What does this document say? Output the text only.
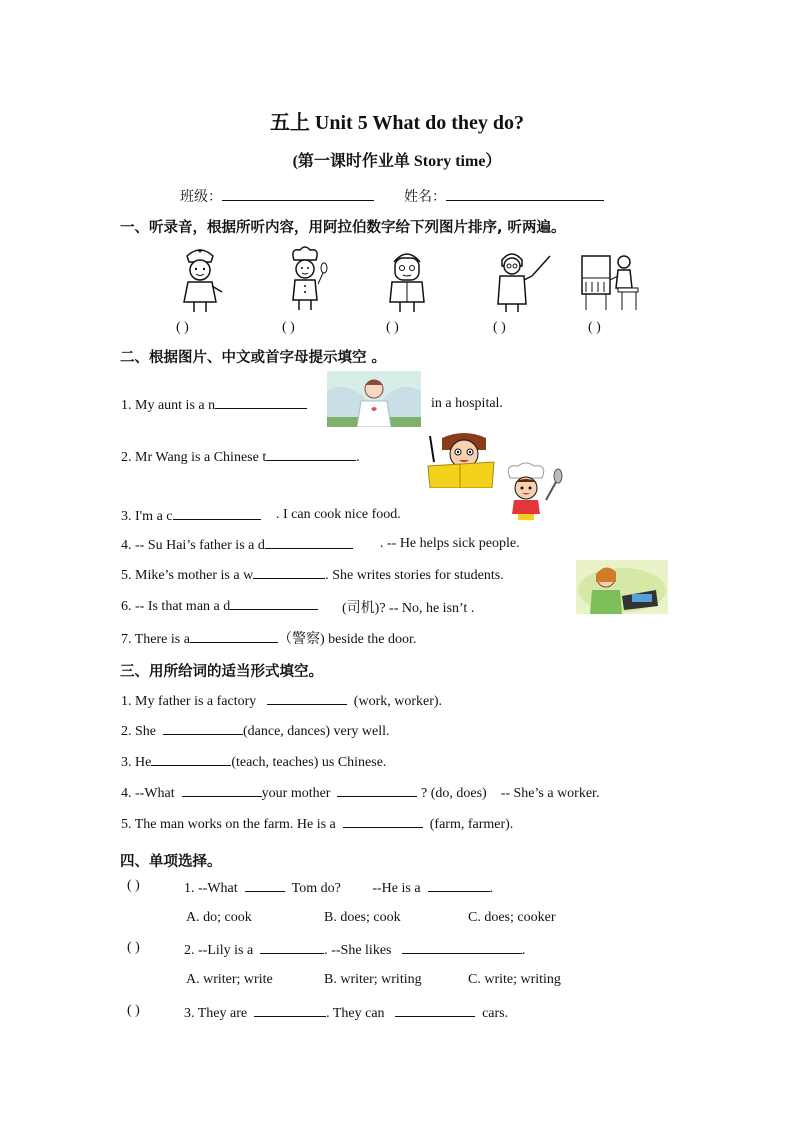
五上 Unit 5 What do they do?
(第一课时作业单 Story time）
班级：	姓名：
一、听录音，根据所听内容，用阿拉伯数字给下列图片排序, 听两遍。
( )	( )	( )	( )	( )
二、根据图片、中文或首字母提示填空 。
1. My aunt is a n	in a hospital.
2. Mr Wang is a Chinese t	.
3. I'm a c	. I can cook nice food.
4. -- Su Hai’s father is a d	. -- He helps sick people.
5. Mike’s mother is a w	. She writes stories for students.
6. -- Is that man a d	(司机)? -- No, he isn’t .
7. There is a	（警察) beside the door.
三、用所给词的适当形式填空。
1. My father is a factory	(work, worker).
2. She	(dance, dances) very well.
3. He	(teach, teaches) us Chinese.
4. --What	your mother	? (do, does) -- She’s a worker.
5. The man works on the farm. He is a	(farm, farmer).
四、单项选择。
( )	1. --What	Tom do? --He is a	.
A. do; cook	B. does; cook	C. does; cooker
( )	2. --Lily is a	. --She likes	.
A. writer; write	B. writer; writing	C. write; writing
( )	3. They are	. They can	cars.
